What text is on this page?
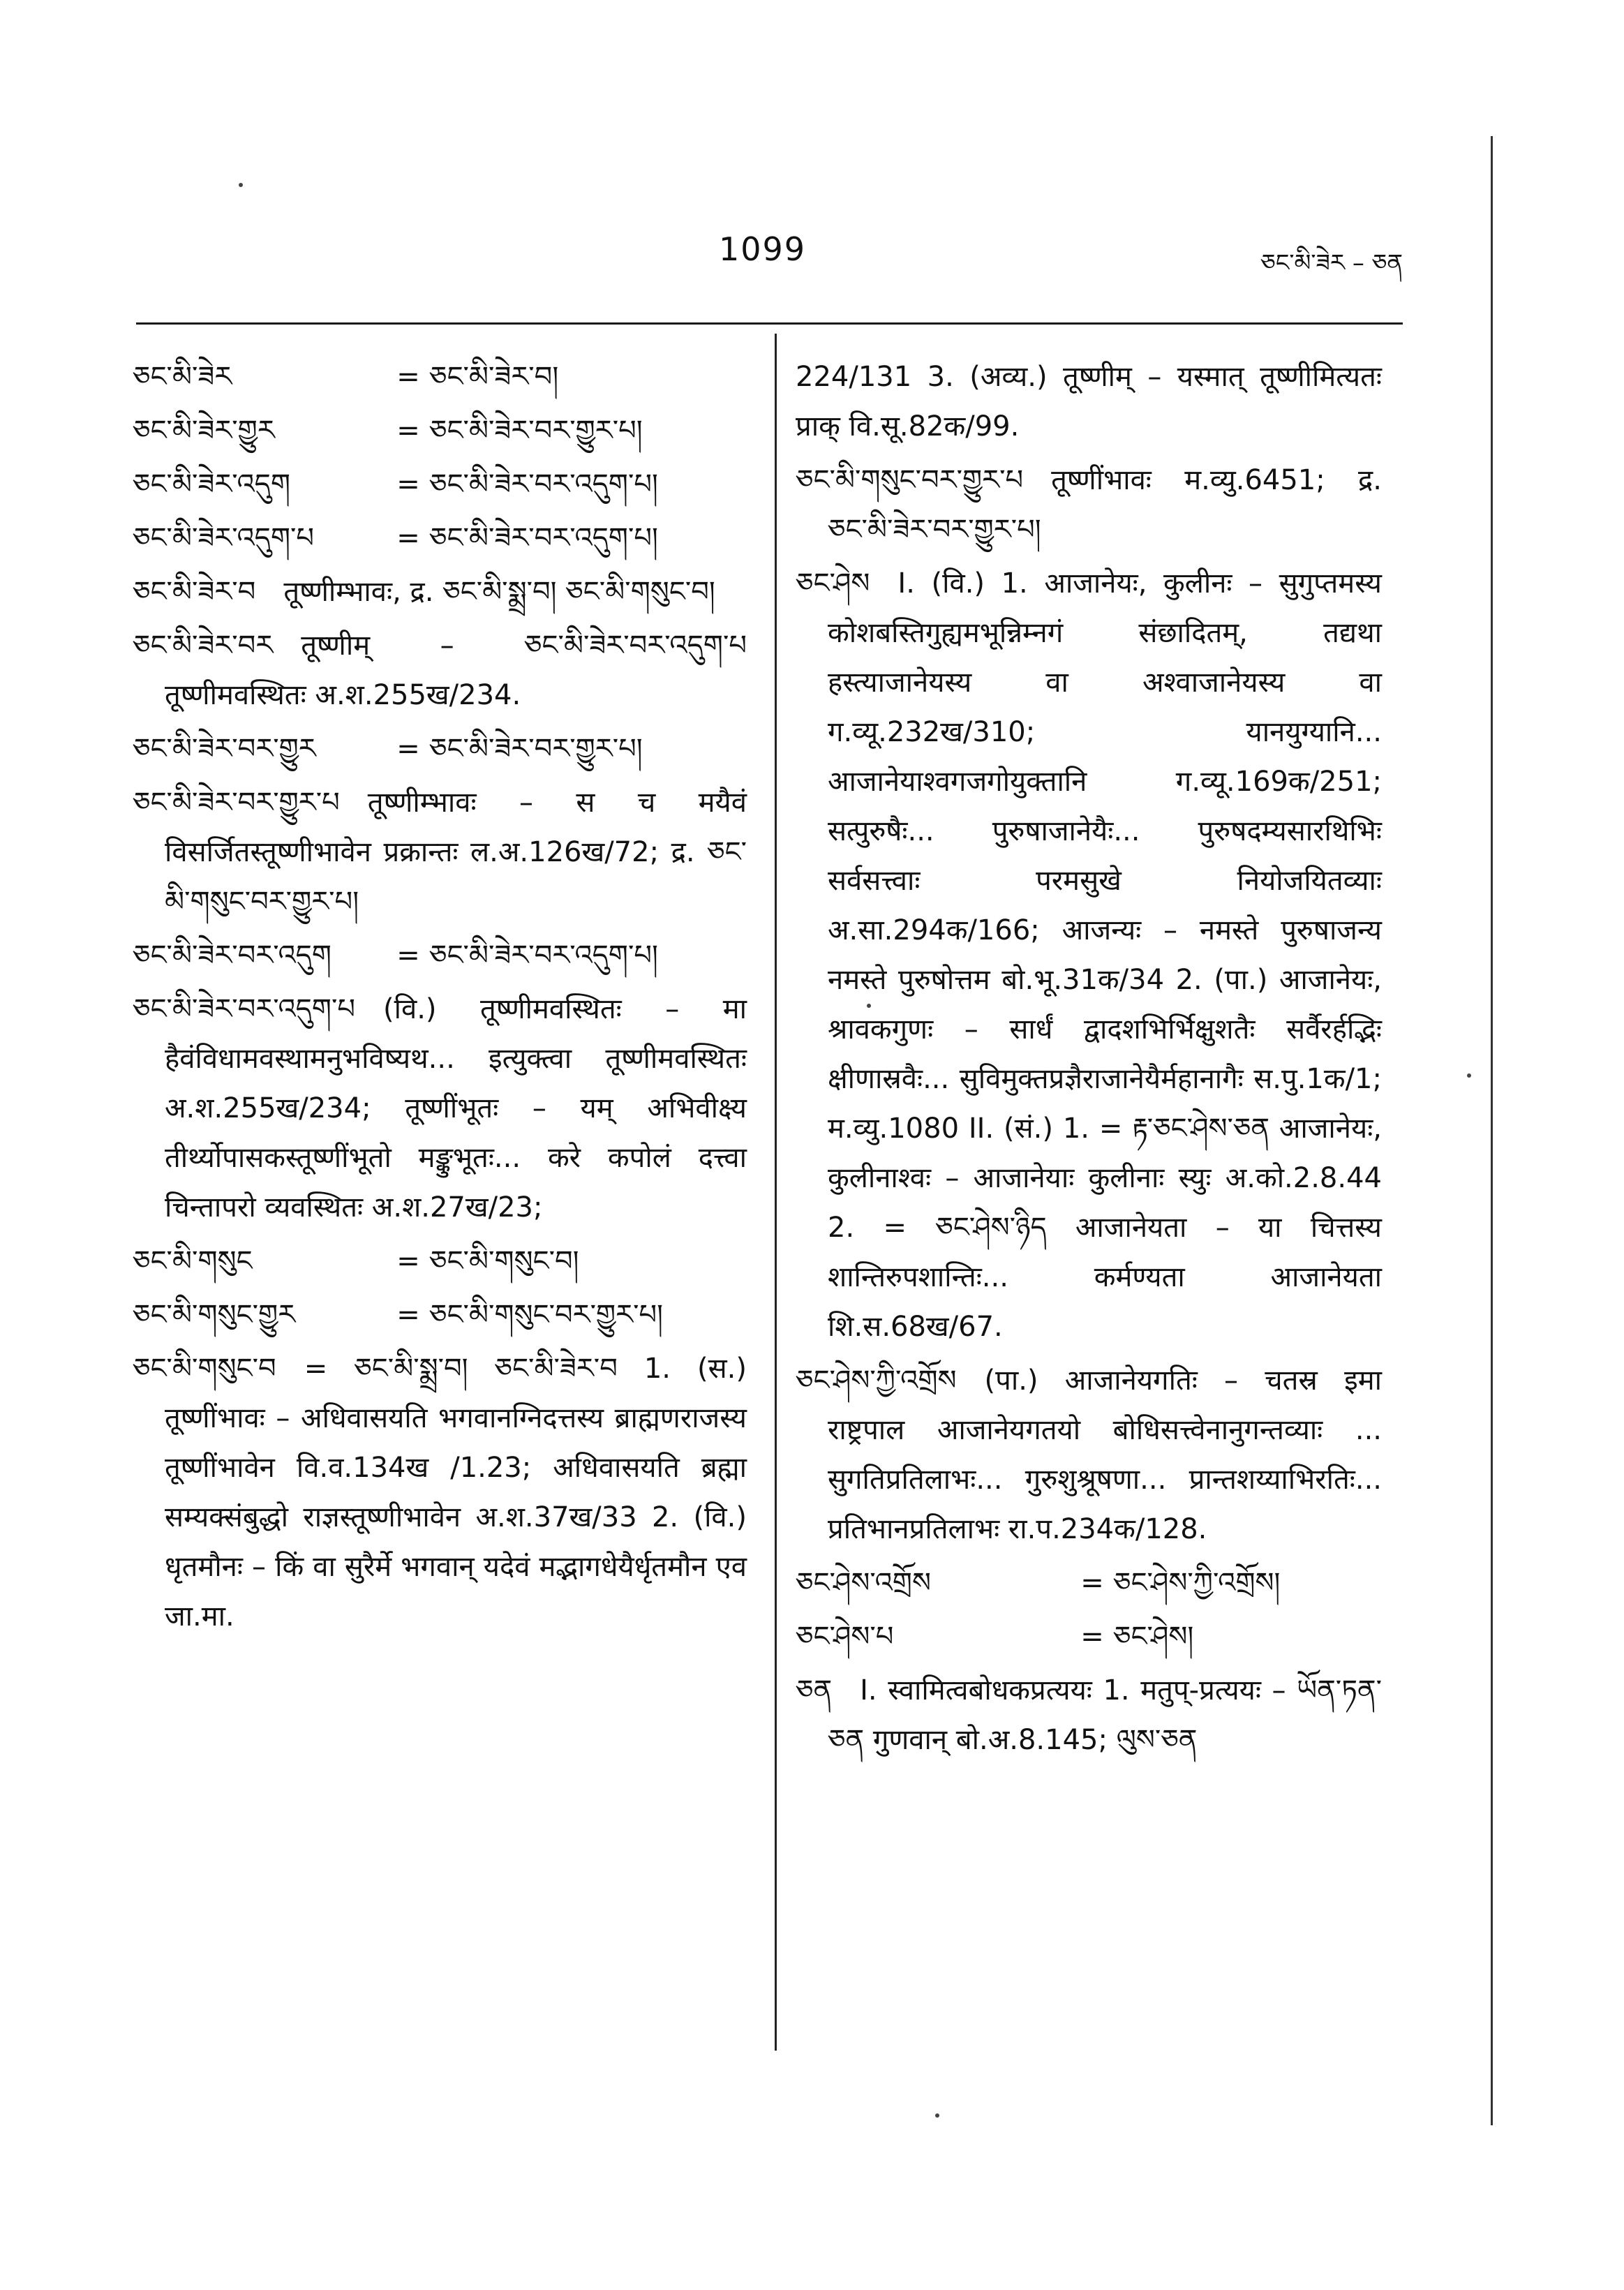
1099	ཅང་མི་ཟེར – ཅན
ཅང་མི་ཟེར	= ཅང་མི་ཟེར་བ།
ཅང་མི་ཟེར་གྱུར	= ཅང་མི་ཟེར་བར་གྱུར་པ།
ཅང་མི་ཟེར་འདུག	= ཅང་མི་ཟེར་བར་འདུག་པ།
ཅང་མི་ཟེར་འདུག་པ	= ཅང་མི་ཟེར་བར་འདུག་པ།
ཅང་མི་ཟེར་བ  तूष्णीम्भावः, द्र. ཅང་མི་སྨྲ་བ། ཅང་མི་གསུང་བ།
ཅང་མི་ཟེར་བར  तूष्णीम् – ཅང་མི་ཟེར་བར་འདུག་པ तूष्णीमवस्थितः अ.श.255ख/234.
ཅང་མི་ཟེར་བར་གྱུར	= ཅང་མི་ཟེར་བར་གྱུར་པ།
ཅང་མི་ཟེར་བར་གྱུར་པ  तूष्णीम्भावः – स च मयैवं विसर्जितस्तूष्णीभावेन प्रक्रान्तः ल.अ.126ख/72; द्र. ཅང་མི་གསུང་བར་གྱུར་པ།
ཅང་མི་ཟེར་བར་འདུག	= ཅང་མི་ཟེར་བར་འདུག་པ།
ཅང་མི་ཟེར་བར་འདུག་པ  (वि.) तूष्णीमवस्थितः – मा हैवंविधामवस्थामनुभविष्यथ... इत्युक्त्वा तूष्णीमवस्थितः अ.श.255ख/234; तूष्णींभूतः – यम् अभिवीक्ष्य तीर्थ्योपासकस्तूष्णींभूतो मङ्कुभूतः... करे कपोलं दत्त्वा चिन्तापरो व्यवस्थितः अ.श.27ख/23;
ཅང་མི་གསུང	= ཅང་མི་གསུང་བ།
ཅང་མི་གསུང་གྱུར	= ཅང་མི་གསུང་བར་གྱུར་པ།
ཅང་མི་གསུང་བ  = ཅང་མི་སྨྲ་བ། ཅང་མི་ཟེར་བ 1. (स.) तूष्णींभावः – अधिवासयति भगवानग्निदत्तस्य ब्राह्मणराजस्य तूष्णींभावेन वि.व.134ख /1.23; अधिवासयति ब्रह्मा सम्यक्संबुद्धो राज्ञस्तूष्णीभावेन अ.श.37ख/33 2. (वि.) धृतमौनः – किं वा सुरैर्मे भगवान् यदेवं मद्भागधेयैर्धृतमौन एव जा.मा.
224/131 3. (अव्य.) तूष्णीम् – यस्मात् तूष्णीमित्यतः प्राक् वि.सू.82क/99.
ཅང་མི་གསུང་བར་གྱུར་པ  तूष्णींभावः म.व्यु.6451; द्र. ཅང་མི་ཟེར་བར་གྱུར་པ།
ཅང་ཤེས  I. (वि.) 1. आजानेयः, कुलीनः – सुगुप्तमस्य कोशबस्तिगुह्यमभून्निम्नगं संछादितम्, तद्यथा हस्त्याजानेयस्य वा अश्वाजानेयस्य वा ग.व्यू.232ख/310; यानयुग्यानि... आजानेयाश्वगजगोयुक्तानि ग.व्यू.169क/251; सत्पुरुषैः... पुरुषाजानेयैः... पुरुषदम्यसारथिभिः सर्वसत्त्वाः परमसुखे नियोजयितव्याः अ.सा.294क/166; आजन्यः – नमस्ते पुरुषाजन्य नमस्ते पुरुषोत्तम बो.भू.31क/34 2. (पा.) आजानेयः, श्रावकगुणः – सार्धं द्वादशभिर्भिक्षुशतैः सर्वैरर्हद्भिः क्षीणास्रवैः... सुविमुक्तप्रज्ञैराजानेयैर्महानागैः स.पु.1क/1; म.व्यु.1080 II. (सं.) 1. = རྟ་ཅང་ཤེས་ཅན आजानेयः, कुलीनाश्वः – आजानेयाः कुलीनाः स्युः अ.को.2.8.44 2. = ཅང་ཤེས་ཉིད आजानेयता – या चित्तस्य शान्तिरुपशान्तिः... कर्मण्यता आजानेयता शि.स.68ख/67.
ཅང་ཤེས་ཀྱི་འགྲོས  (पा.) आजानेयगतिः – चतस्र इमा राष्ट्रपाल आजानेयगतयो बोधिसत्त्वेनानुगन्तव्याः ... सुगतिप्रतिलाभः... गुरुशुश्रूषणा... प्रान्तशय्याभिरतिः... प्रतिभानप्रतिलाभः रा.प.234क/128.
ཅང་ཤེས་འགྲོས	= ཅང་ཤེས་ཀྱི་འགྲོས།
ཅང་ཤེས་པ	= ཅང་ཤེས།
ཅན  I. स्वामित्वबोधकप्रत्ययः 1. मतुप्-प्रत्ययः – ཡོན་ཏན་ཅན गुणवान् बो.अ.8.145; ལུས་ཅན
